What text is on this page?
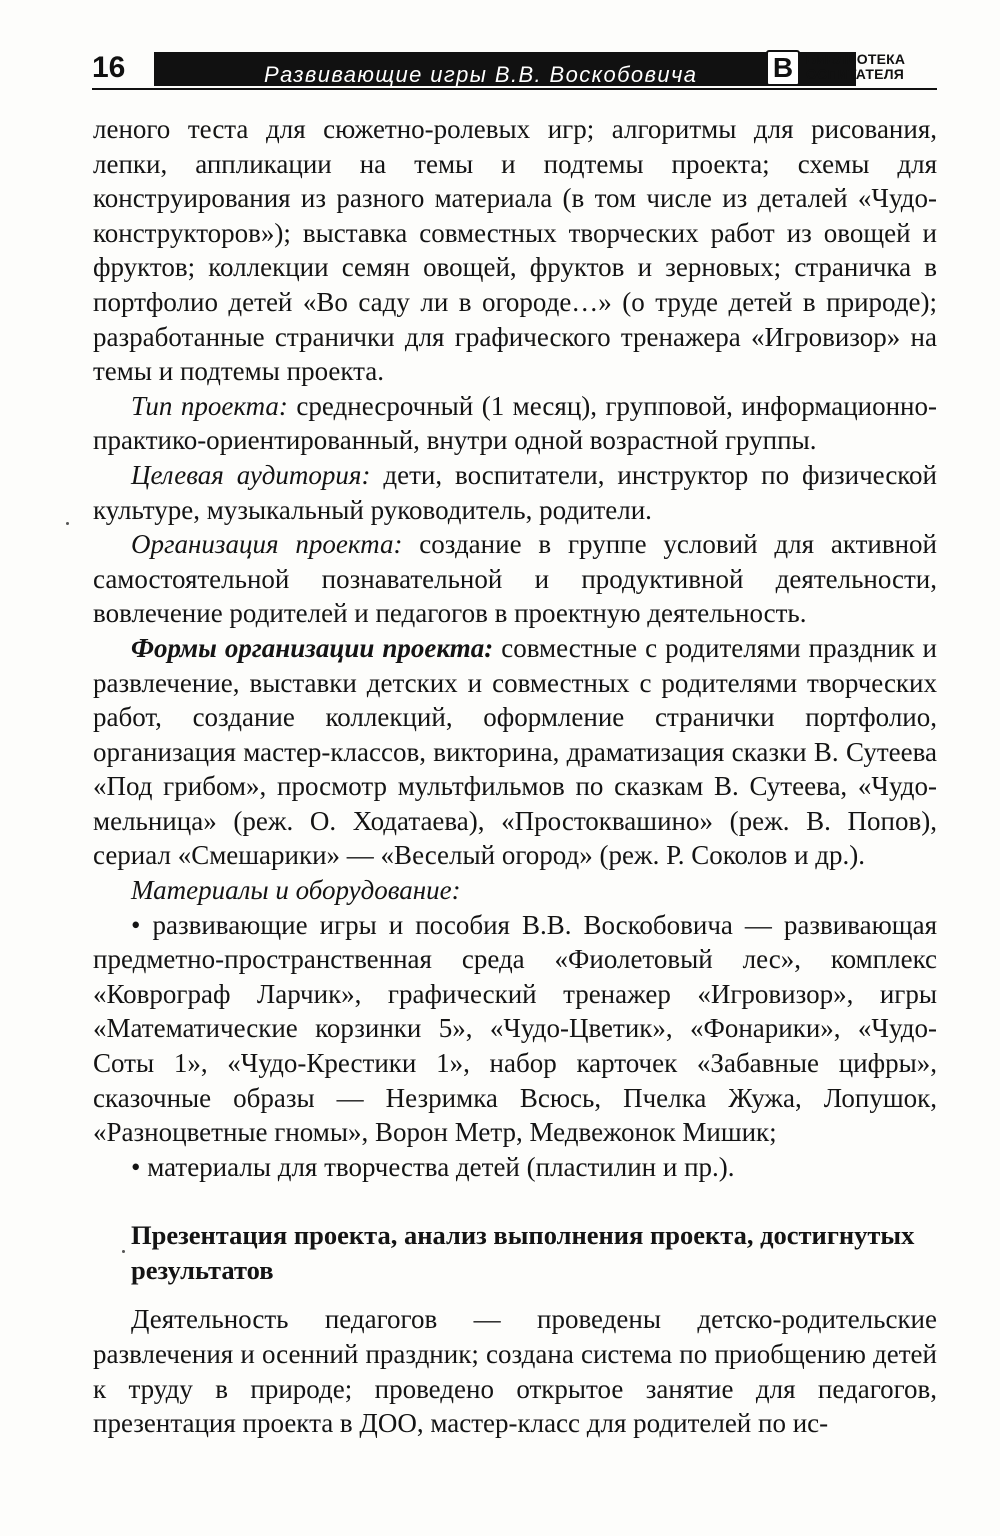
16	Развивающие игры В.В. Воскобовича	В БИБЛИОТЕКА
ОСПИТАТЕЛЯ

леного теста для сюжетно-ролевых игр; алгоритмы для рисования, лепки, аппликации на темы и подтемы проекта; схемы для конструирования из разного материала (в том числе из деталей «Чудо-конструкторов»); выставка совместных творческих работ из овощей и фруктов; коллекции семян овощей, фруктов и зерновых; страничка в портфолио детей «Во саду ли в огороде…» (о труде детей в природе); разработанные странички для графического тренажера «Игровизор» на темы и подтемы проекта.

Тип проекта: среднесрочный (1 месяц), групповой, информационно-практико-ориентированный, внутри одной возрастной группы.

Целевая аудитория: дети, воспитатели, инструктор по физической культуре, музыкальный руководитель, родители.

Организация проекта: создание в группе условий для активной самостоятельной познавательной и продуктивной деятельности, вовлечение родителей и педагогов в проектную деятельность.

Формы организации проекта: совместные с родителями праздник и развлечение, выставки детских и совместных с родителями творческих работ, создание коллекций, оформление странички портфолио, организация мастер-классов, викторина, драматизация сказки В. Сутеева «Под грибом», просмотр мультфильмов по сказкам В. Сутеева, «Чудо-мельница» (реж. О. Ходатаева), «Простоквашино» (реж. В. Попов), сериал «Смешарики» — «Веселый огород» (реж. Р. Соколов и др.).

Материалы и оборудование:

• развивающие игры и пособия В.В. Воскобовича — развивающая предметно-пространственная среда «Фиолетовый лес», комплекс «Коврограф Ларчик», графический тренажер «Игровизор», игры «Математические корзинки 5», «Чудо-Цветик», «Фонарики», «Чудо-Соты 1», «Чудо-Крестики 1», набор карточек «Забавные цифры», сказочные образы — Незримка Всюсь, Пчелка Жужа, Лопушок, «Разноцветные гномы», Ворон Метр, Медвежонок Мишик;

• материалы для творчества детей (пластилин и пр.).

Презентация проекта, анализ выполнения проекта, достигнутых результатов

Деятельность педагогов — проведены детско-родительские развлечения и осенний праздник; создана система по приобщению детей к труду в природе; проведено открытое занятие для педагогов, презентация проекта в ДОО, мастер-класс для родителей по ис-
